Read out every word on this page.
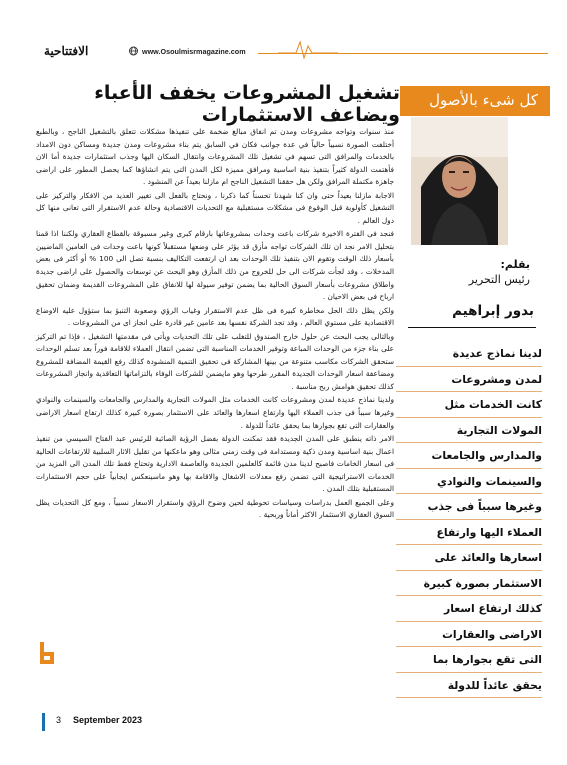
الافتتاحية	www.Osoulmisrmagazine.com
تشغيل المشروعات يخفف الأعباء ويضاعف الاستثمارات
كل شىء بالأصول
بقلم:
رئيس التحرير
بدور إبراهيم
لدينا نماذج عديدة
لمدن ومشروعات
كانت الخدمات مثل
المولات التجارية
والمدارس والجامعات
والسينمات والنوادي
وغيرها سبباً فى جذب
العملاء اليها وارتفاع
اسعارها والعائد على
الاستثمار بصورة كبيرة
كذلك ارتفاع اسعار
الاراضى والعقارات
التى تقع بجوارها بما
يحقق عائداً للدولة

منذ سنوات وتواجه مشروعات ومدن تم انفاق مبالغ ضخمة على تنفيذها مشكلات تتعلق بالتشغيل الناجح ، وبالطبع أختلفت الصورة نسبياً حالياً في عدة جوانب فكان في السابق يتم بناء مشروعات ومدن جديدة ومساكن دون الامداد بالخدمات والمرافق التى تسهم في تشغيل تلك المشروعات وانتقال السكان اليها وجذب استثمارات جديدة أما الان فأهتمت الدولة كثيراً بتنفيذ بنية اساسية ومرافق مميزة لكل المدن التى يتم انشاؤها كما يحصل المطور على اراضى جاهزة مكتملة المرافق ولكن هل حققنا التشغيل الناجح ام مازلنا بعيداً عن المنشود .

الاجابة مازلنا بعيداً حتى وان كنا شهدنا تحسناً كما ذكرنا ، ونحتاج بالفعل الى تغيير العديد من الافكار والتركيز على التشغيل كأولوية قبل الوقوع فى مشكلات مستقبلية مع التحديات الاقتصادية وحالة عدم الاستقرار التى تعانى منها كل دول العالم .

فنجد فى الفترة الاخيرة شركات باعت وحدات بمشروعاتها بارقام كبرى وغير مسبوقة بالقطاع العقاري ولكننا اذا قمنا بتحليل الامر نجد ان تلك الشركات تواجه مأزق قد يؤثر على وضعها مستقبلاً كونها باعت وحدات فى العامين الماضيين بأسعار ذلك الوقت وتقوم الان بتنفيذ تلك الوحدات بعد ان ارتفعت التكاليف بنسبة تصل الى 100 % أو أكثر فى بعض المدخلات ، وقد لجأت شركات الى حل للخروج من ذلك المأزق وهو البحث عن توسعات والحصول على اراضى جديدة واطلاق مشروعات بأسعار السوق الحالية بما يضمن توفير سيولة لها للانفاق على المشروعات القديمة وضمان تحقيق ارباح فى بعض الاحيان .

ولكن يظل ذلك الحل مخاطرة كبيرة فى ظل عدم الاستقرار وغياب الرؤي وصعوبة التنبؤ بما ستؤول عليه الاوضاع الاقتصادية على مستوي العالم ، وقد تجد الشركة نفسها بعد عامين غير قادرة على انجاز اى من المشروعات .

وبالتالى يجب البحث عن حلول خارج الصندوق للتغلب على تلك التحديات ويأتى فى مقدمتها التشغيل ، فإذا تم التركيز على بناء جزء من الوحدات المباعة وتوفير الخدمات المناسبة التى تضمن انتقال العملاء للاقامة فوراً بعد تسلم الوحدات ستحقق الشركات مكاسب متنوعة من بينها المشاركة فى تحقيق التنمية المنشودة كذلك رفع القيمة المضافة للمشروع ومضاعفة اسعار الوحدات الجديدة المقرر طرحها وهو مايضمن للشركات الوفاء بالتزاماتها التعاقدية وانجاز المشروعات كذلك تحقيق هوامش ربح مناسبة .

ولدينا نماذج عديدة لمدن ومشروعات كانت الخدمات مثل المولات التجارية والمدارس والجامعات والسينمات والنوادي وغيرها سبباً فى جذب العملاء اليها وارتفاع اسعارها والعائد على الاستثمار بصورة كبيرة كذلك ارتفاع اسعار الاراضى والعقارات التى تقع بجوارها بما يحقق عائداً للدولة .

الامر ذاته ينطبق على المدن الجديدة فقد تمكنت الدولة بفضل الرؤية الصائبة للرئيس عبد الفتاح السيسي من تنفيذ اعمال بنية اساسية ومدن ذكية ومستدامة فى وقت زمنى مثالى وهو ماعكنها من تقليل الاثار السلبية للارتفاعات الحالية فى اسعار الخامات فاصبح لدينا مدن قائمة كالعلمين الجديدة والعاصمة الادارية وتحتاج فقط تلك المدن الى المزيد من الخدمات الاستراتيجية التى تضمن رفع معدلات الاشغال والاقامة بها وهو ماسينعكس ايجابياً على حجم الاستثمارات المستقبلية بتلك المدن .

وعلى الجميع العمل بدراسات وسياسات تحوطية لحين وضوح الرؤي واستقرار الاسعار نسبياً ، ومع كل التحديات يظل السوق العقاري الاستثمار الاكثر أماناً وربحية .

3 September 2023
